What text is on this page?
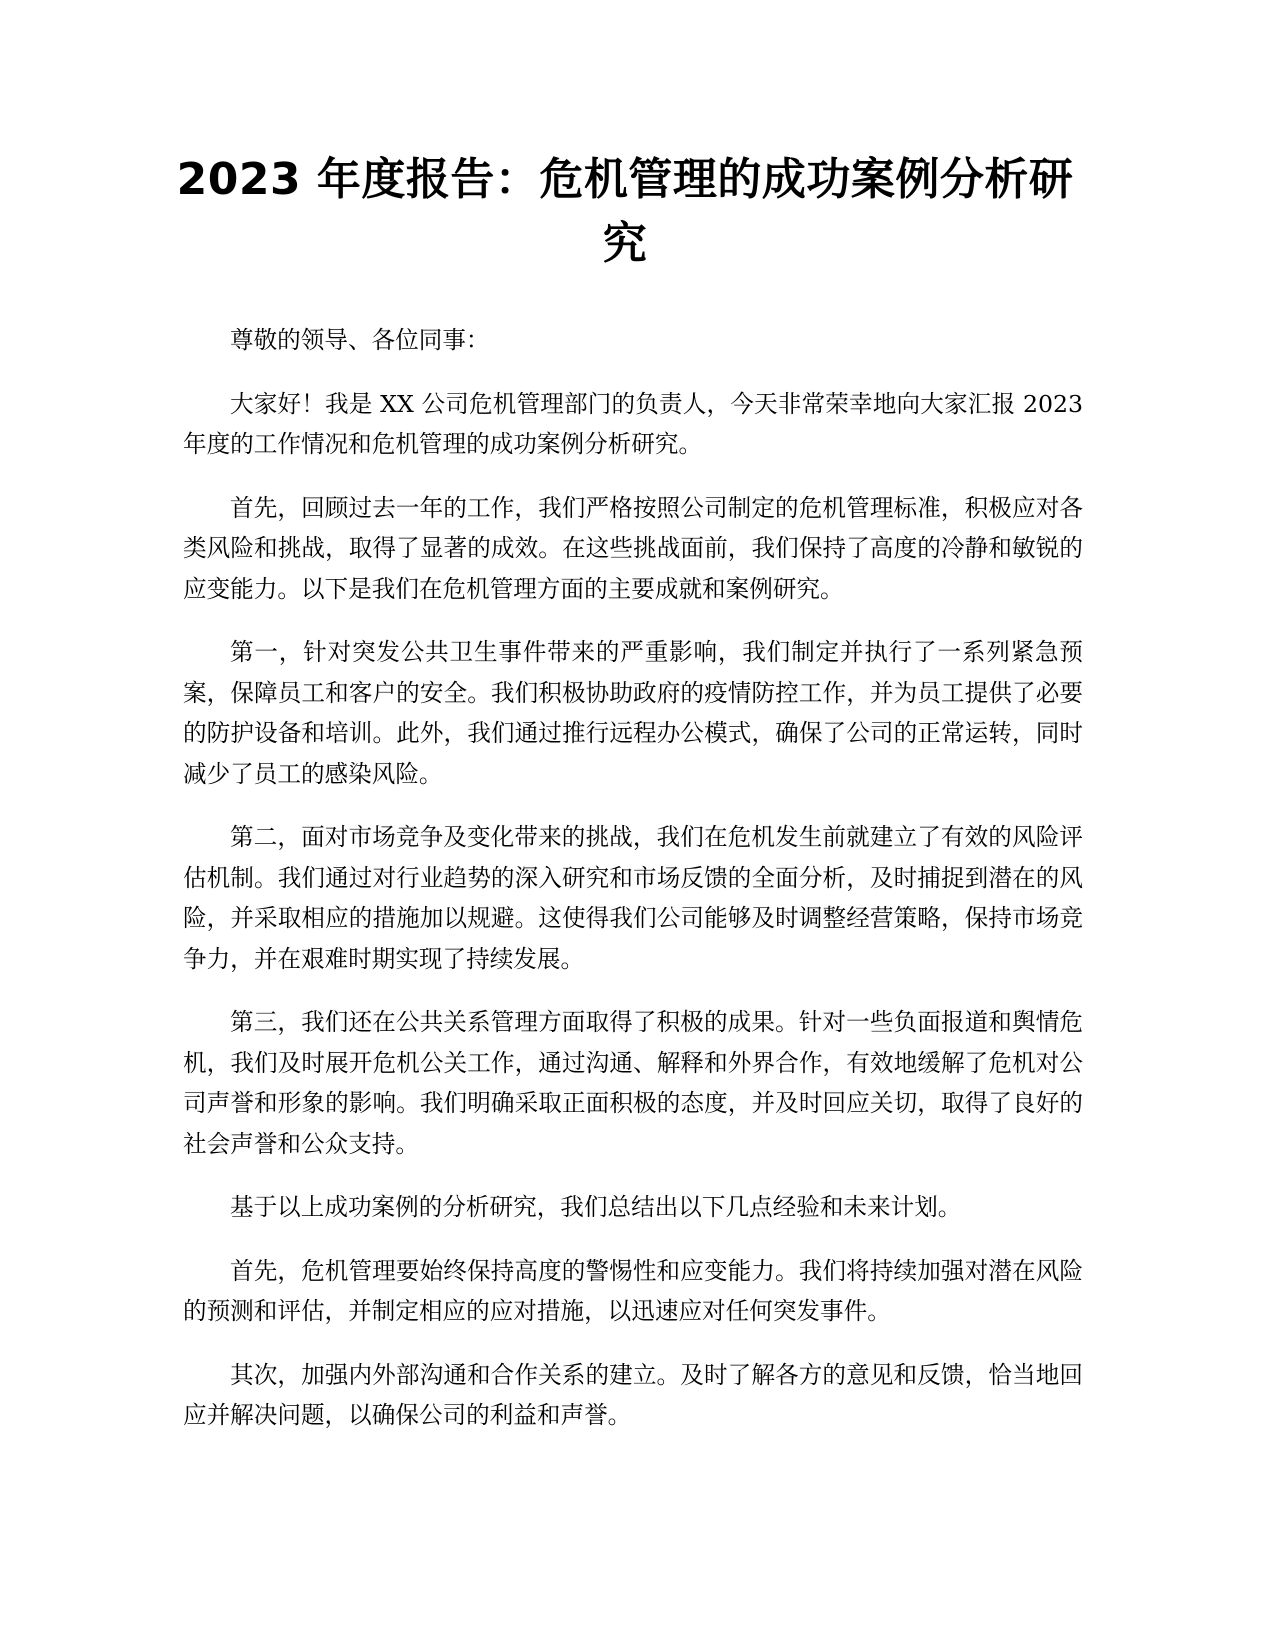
2023 年度报告：危机管理的成功案例分析研究

尊敬的领导、各位同事：

大家好！我是 XX 公司危机管理部门的负责人，今天非常荣幸地向大家汇报 2023 年度的工作情况和危机管理的成功案例分析研究。

首先，回顾过去一年的工作，我们严格按照公司制定的危机管理标准，积极应对各类风险和挑战，取得了显著的成效。在这些挑战面前，我们保持了高度的冷静和敏锐的应变能力。以下是我们在危机管理方面的主要成就和案例研究。

第一，针对突发公共卫生事件带来的严重影响，我们制定并执行了一系列紧急预案，保障员工和客户的安全。我们积极协助政府的疫情防控工作，并为员工提供了必要的防护设备和培训。此外，我们通过推行远程办公模式，确保了公司的正常运转，同时减少了员工的感染风险。

第二，面对市场竞争及变化带来的挑战，我们在危机发生前就建立了有效的风险评估机制。我们通过对行业趋势的深入研究和市场反馈的全面分析，及时捕捉到潜在的风险，并采取相应的措施加以规避。这使得我们公司能够及时调整经营策略，保持市场竞争力，并在艰难时期实现了持续发展。

第三，我们还在公共关系管理方面取得了积极的成果。针对一些负面报道和舆情危机，我们及时展开危机公关工作，通过沟通、解释和外界合作，有效地缓解了危机对公司声誉和形象的影响。我们明确采取正面积极的态度，并及时回应关切，取得了良好的社会声誉和公众支持。

基于以上成功案例的分析研究，我们总结出以下几点经验和未来计划。

首先，危机管理要始终保持高度的警惕性和应变能力。我们将持续加强对潜在风险的预测和评估，并制定相应的应对措施，以迅速应对任何突发事件。

其次，加强内外部沟通和合作关系的建立。及时了解各方的意见和反馈，恰当地回应并解决问题，以确保公司的利益和声誉。
